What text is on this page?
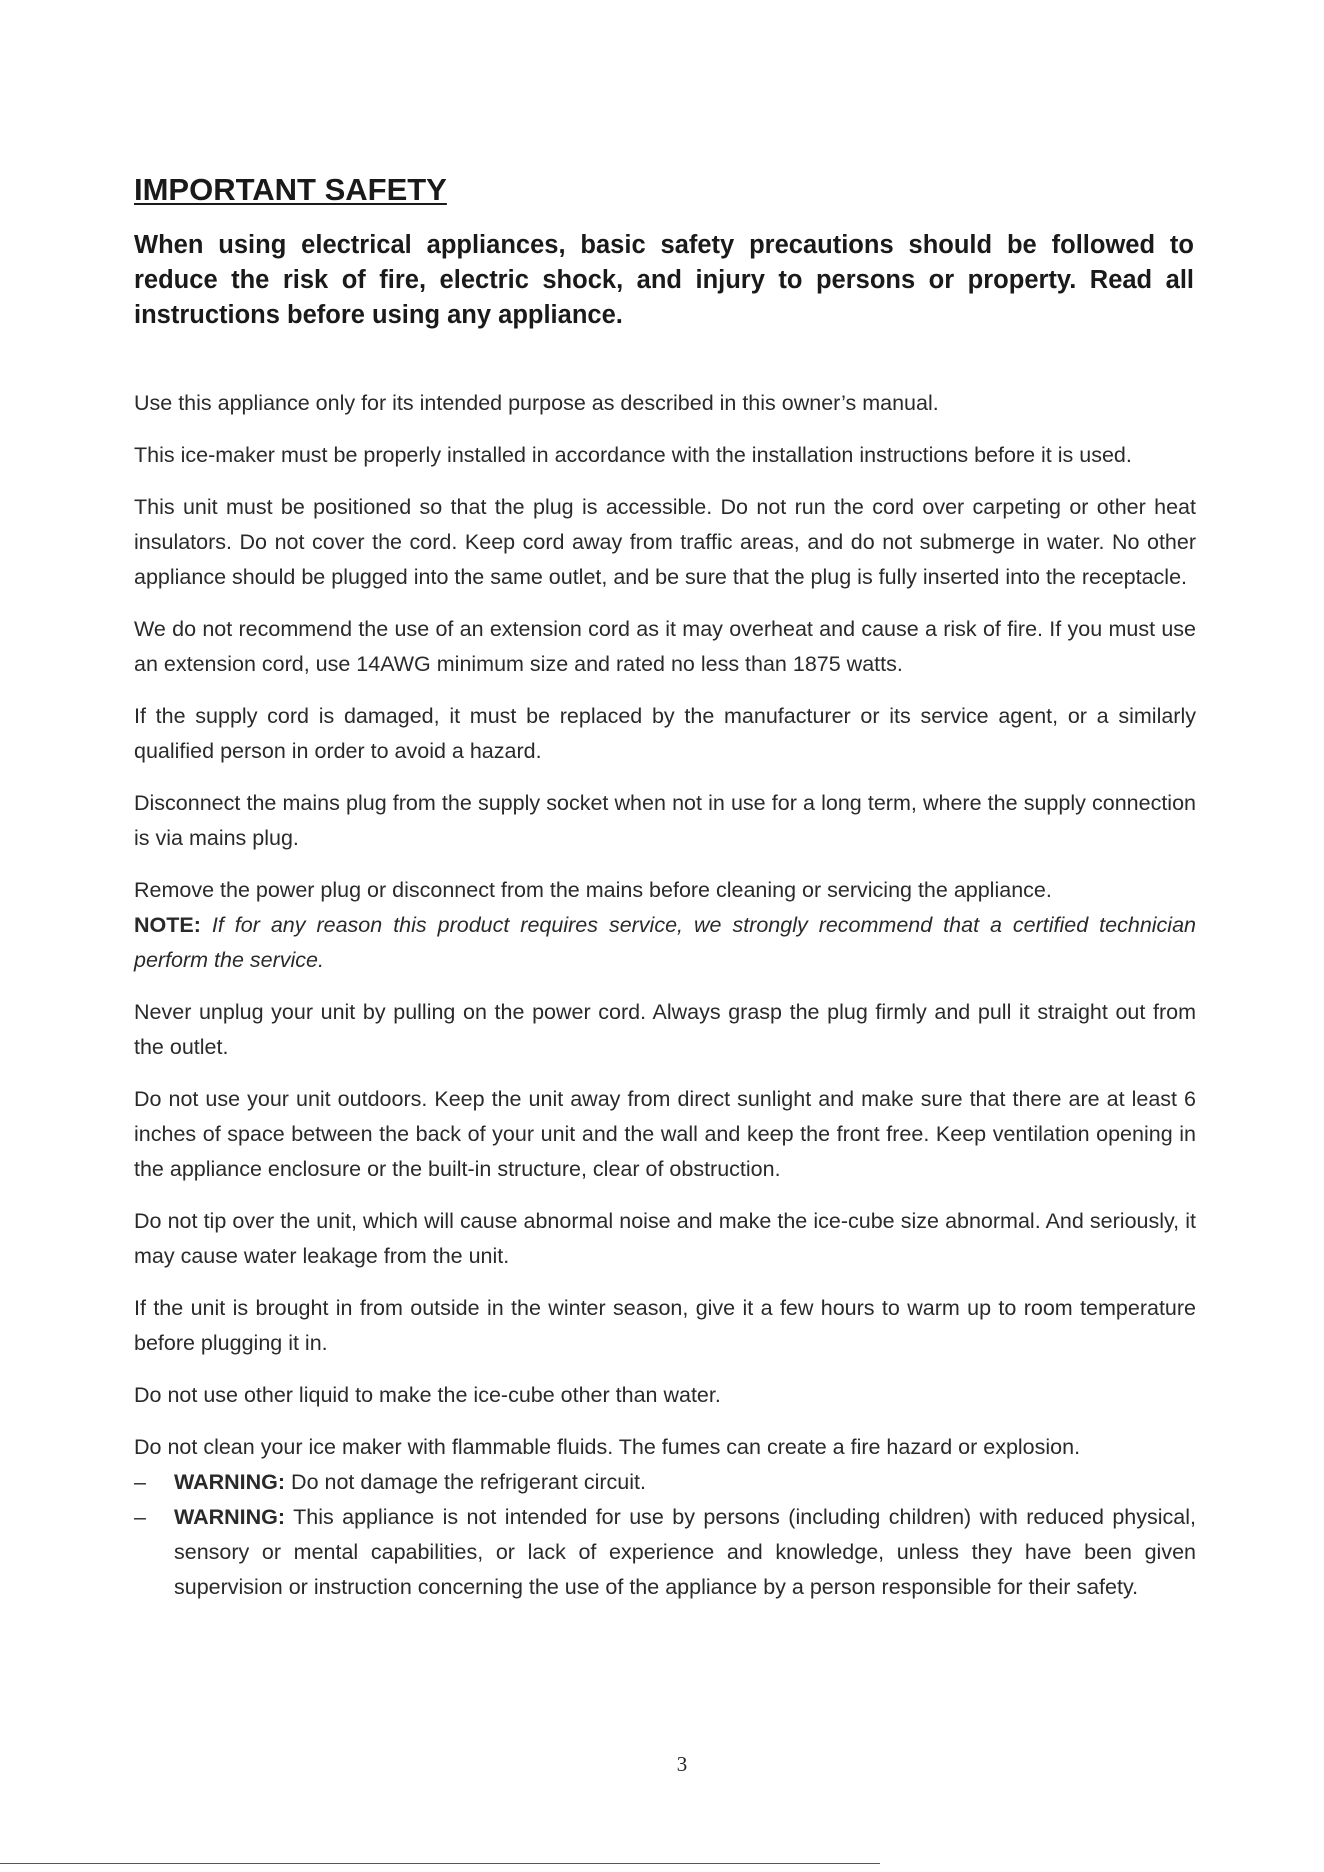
IMPORTANT SAFETY

When using electrical appliances, basic safety precautions should be followed to reduce the risk of fire, electric shock, and injury to persons or property. Read all instructions before using any appliance.

Use this appliance only for its intended purpose as described in this owner’s manual.

This ice-maker must be properly installed in accordance with the installation instructions before it is used.

This unit must be positioned so that the plug is accessible. Do not run the cord over carpeting or other heat insulators. Do not cover the cord. Keep cord away from traffic areas, and do not submerge in water. No other appliance should be plugged into the same outlet, and be sure that the plug is fully inserted into the receptacle.

We do not recommend the use of an extension cord as it may overheat and cause a risk of fire. If you must use an extension cord, use 14AWG minimum size and rated no less than 1875 watts.

If the supply cord is damaged, it must be replaced by the manufacturer or its service agent, or a similarly qualified person in order to avoid a hazard.

Disconnect the mains plug from the supply socket when not in use for a long term, where the supply connection is via mains plug.

Remove the power plug or disconnect from the mains before cleaning or servicing the appliance.

NOTE: If for any reason this product requires service, we strongly recommend that a certified technician perform the service.

Never unplug your unit by pulling on the power cord. Always grasp the plug firmly and pull it straight out from the outlet.

Do not use your unit outdoors. Keep the unit away from direct sunlight and make sure that there are at least 6 inches of space between the back of your unit and the wall and keep the front free. Keep ventilation opening in the appliance enclosure or the built-in structure, clear of obstruction.

Do not tip over the unit, which will cause abnormal noise and make the ice-cube size abnormal. And seriously, it may cause water leakage from the unit.

If the unit is brought in from outside in the winter season, give it a few hours to warm up to room temperature before plugging it in.

Do not use other liquid to make the ice-cube other than water.

Do not clean your ice maker with flammable fluids. The fumes can create a fire hazard or explosion.

–	WARNING: Do not damage the refrigerant circuit.
–	WARNING: This appliance is not intended for use by persons (including children) with reduced physical, sensory or mental capabilities, or lack of experience and knowledge, unless they have been given supervision or instruction concerning the use of the appliance by a person responsible for their safety.
3
